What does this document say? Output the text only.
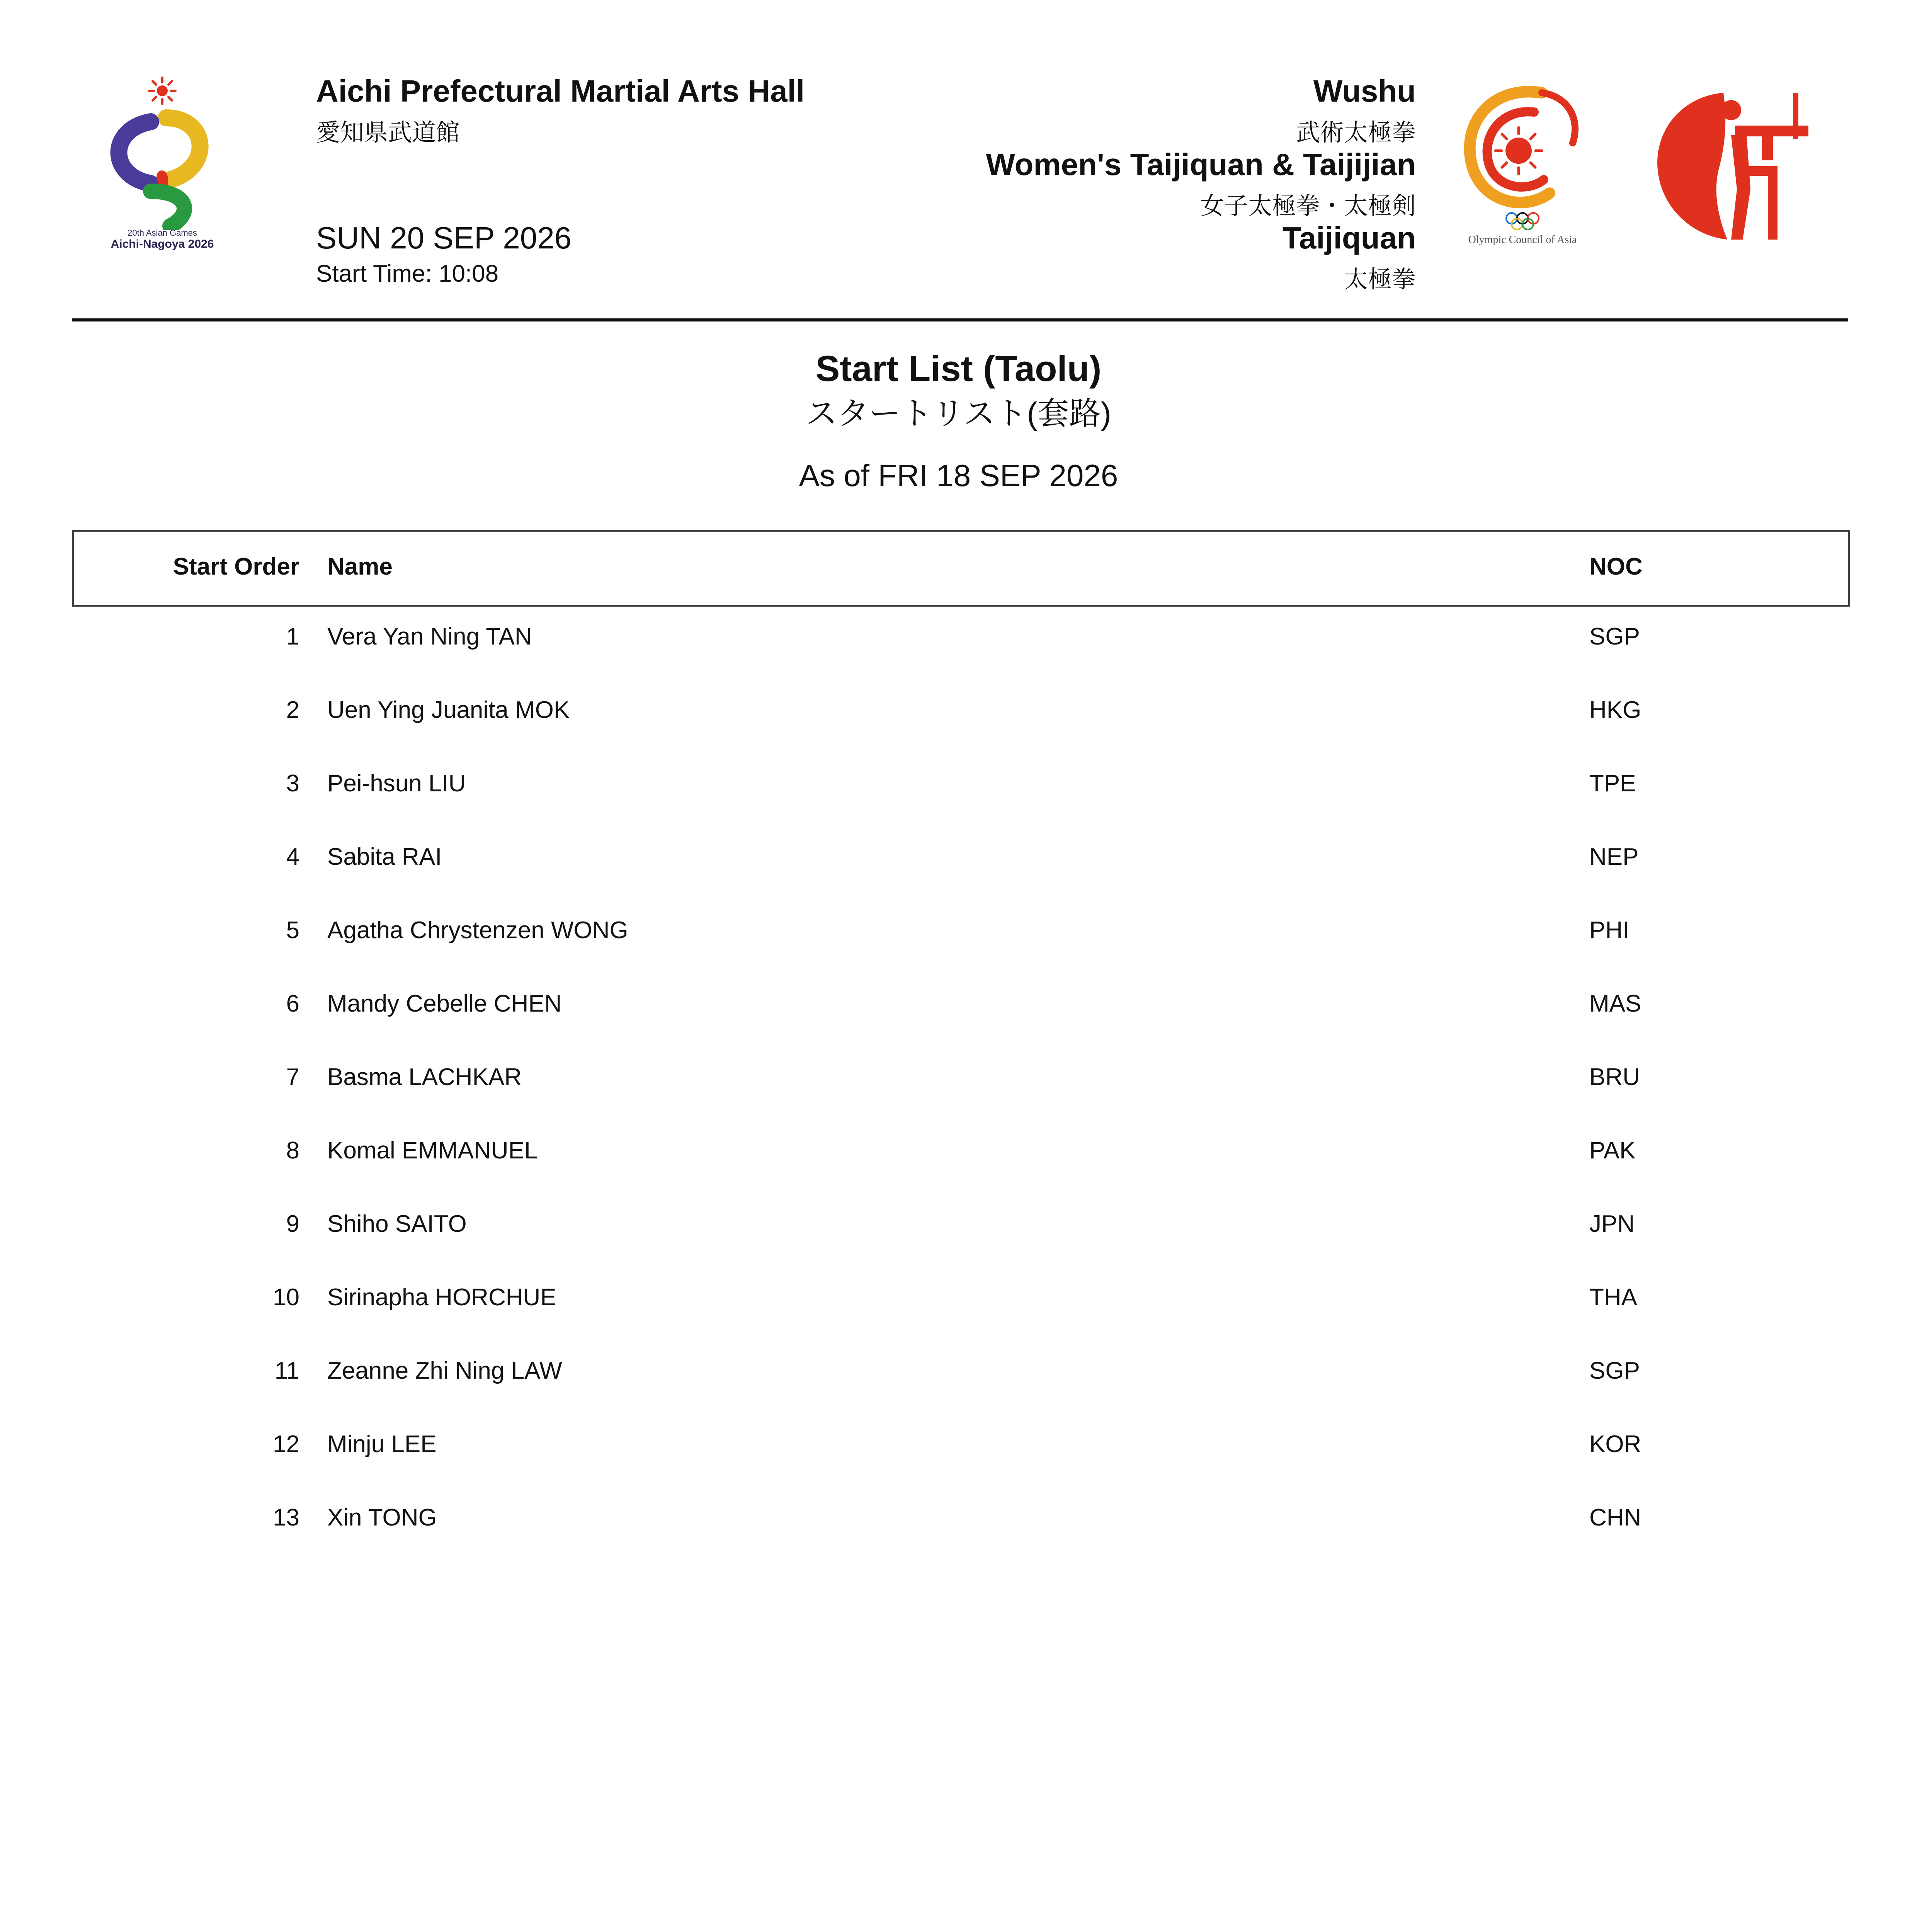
20th Asian Games
Aichi-Nagoya 2026
Aichi Prefectural Martial Arts Hall
愛知県武道館
SUN 20 SEP 2026
Start Time: 10:08
Wushu
武術太極拳
Women's Taijiquan & Taijijian
女子太極拳・太極剣
Taijiquan
太極拳
Olympic Council of Asia
Start List (Taolu)
スタートリスト(套路)
As of FRI 18 SEP 2026
Start Order Name	NOC
1 Vera Yan Ning TAN	SGP
2 Uen Ying Juanita MOK	HKG
3 Pei-hsun LIU	TPE
4 Sabita RAI	NEP
5 Agatha Chrystenzen WONG	PHI
6 Mandy Cebelle CHEN	MAS
7 Basma LACHKAR	BRU
8 Komal EMMANUEL	PAK
9 Shiho SAITO	JPN
10 Sirinapha HORCHUE	THA
11 Zeanne Zhi Ning LAW	SGP
12 Minju LEE	KOR
13 Xin TONG	CHN
